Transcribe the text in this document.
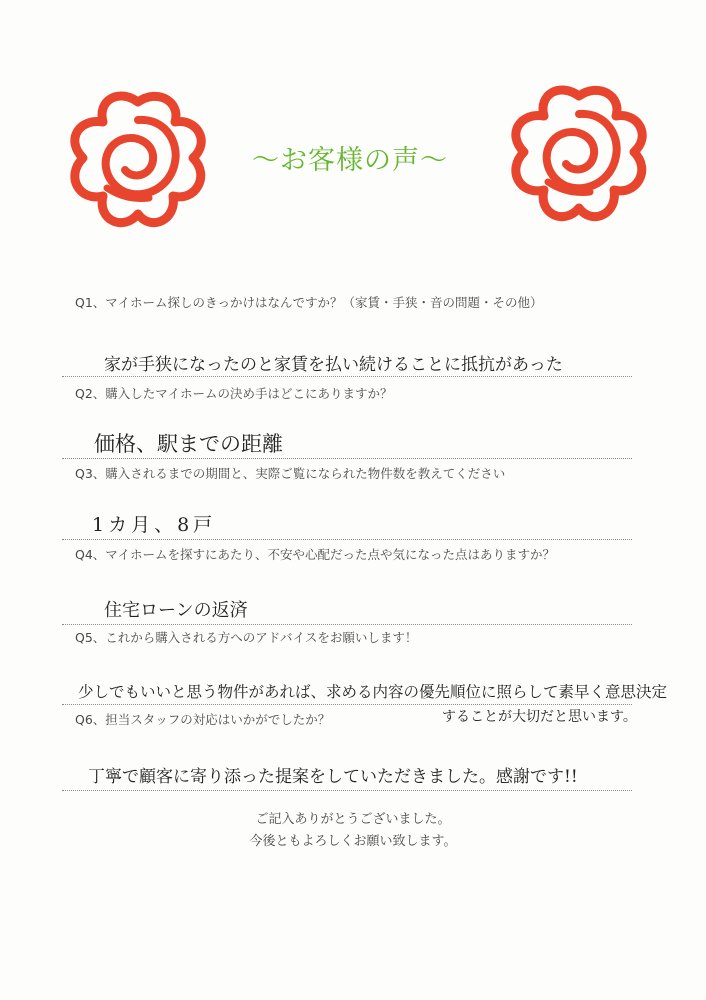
〜お客様の声〜
Q1、マイホーム探しのきっかけはなんですか？（家賃・手狭・音の問題・その他）
家が手狭になったのと家賃を払い続けることに抵抗があった
Q2、購入したマイホームの決め手はどこにありますか？
価格、駅までの距離
Q3、購入されるまでの期間と、実際ご覧になられた物件数を教えてください
1カ月、8戸
Q4、マイホームを探すにあたり、不安や心配だった点や気になった点はありますか？
住宅ローンの返済
Q5、これから購入される方へのアドバイスをお願いします！
少しでもいいと思う物件があれば、求める内容の優先順位に照らして素早く意思決定
することが大切だと思います。
Q6、担当スタッフの対応はいかがでしたか？
丁寧で顧客に寄り添った提案をしていただきました。感謝です!!
ご記入ありがとうございました。
今後ともよろしくお願い致します。
